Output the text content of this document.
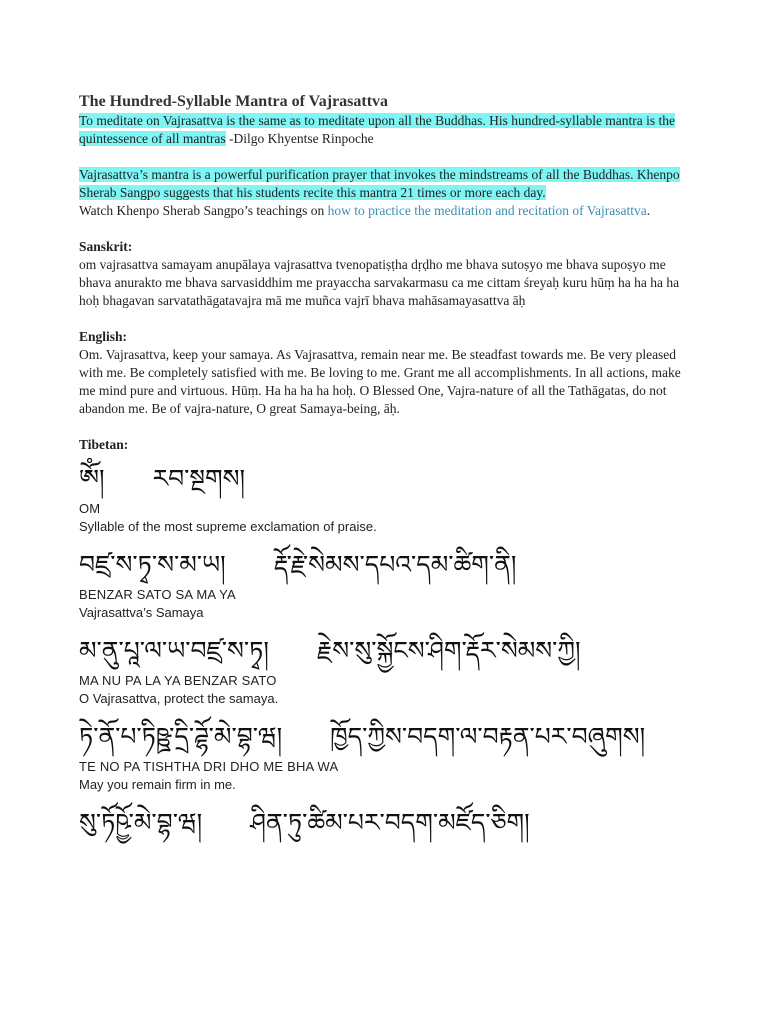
The Hundred-Syllable Mantra of Vajrasattva

To meditate on Vajrasattva is the same as to meditate upon all the Buddhas. His hundred-syllable mantra is the quintessence of all mantras -Dilgo Khyentse Rinpoche

Vajrasattva’s mantra is a powerful purification prayer that invokes the mindstreams of all the Buddhas. Khenpo Sherab Sangpo suggests that his students recite this mantra 21 times or more each day.

Watch Khenpo Sherab Sangpo’s teachings on how to practice the meditation and recitation of Vajrasattva.

Sanskrit:

om vajrasattva samayam anupālaya vajrasattva tvenopatiṣṭha dṛḍho me bhava sutoṣyo me bhava supoṣyo me bhava anurakto me bhava sarvasiddhim me prayaccha sarvakarmasu ca me cittam śreyaḥ kuru hūṃ ha ha ha ha hoḥ bhagavan sarvatathāgatavajra mā me muñca vajrī bhava mahāsamayasattva āḥ

English:

Om. Vajrasattva, keep your samaya. As Vajrasattva, remain near me. Be steadfast towards me. Be very pleased with me. Be completely satisfied with me. Be loving to me. Grant me all accomplishments. In all actions, make me mind pure and virtuous. Hūṃ. Ha ha ha ha hoḥ. O Blessed One, Vajra-nature of all the Tathāgatas, do not abandon me. Be of vajra-nature, O great Samaya-being, āḥ.

Tibetan:

ཨོཾ། རབ་སྔགས།

OM

Syllable of the most supreme exclamation of praise.

བཛྲ་ས་ཏྭ་ས་མ་ཡ། རྡོ་རྗེ་སེམས་དཔའ་དམ་ཚིག་ནི།

BENZAR SATO SA MA YA

Vajrasattva’s Samaya

མ་ནུ་པཱ་ལ་ཡ་བཛྲ་ས་ཏྭ། རྗེས་སུ་སྐྱོངས་ཤིག་རྡོར་སེམས་ཀྱི།

MA NU PA LA YA BENZAR SATO

O Vajrasattva, protect the samaya.

ཏེ་ནོ་པ་ཏིཥྛ་དྲི་ཌྷོ་མེ་བྷ་ཝ། ཁྱོད་ཀྱིས་བདག་ལ་བརྟན་པར་བཞུགས།

TE NO PA TISHTHA DRI DHO ME BHA WA

May you remain firm in me.

སུ་ཏོཥྱོ་མེ་བྷ་ཝ། ཤིན་ཏུ་ཚིམ་པར་བདག་མཛོད་ཅིག།
